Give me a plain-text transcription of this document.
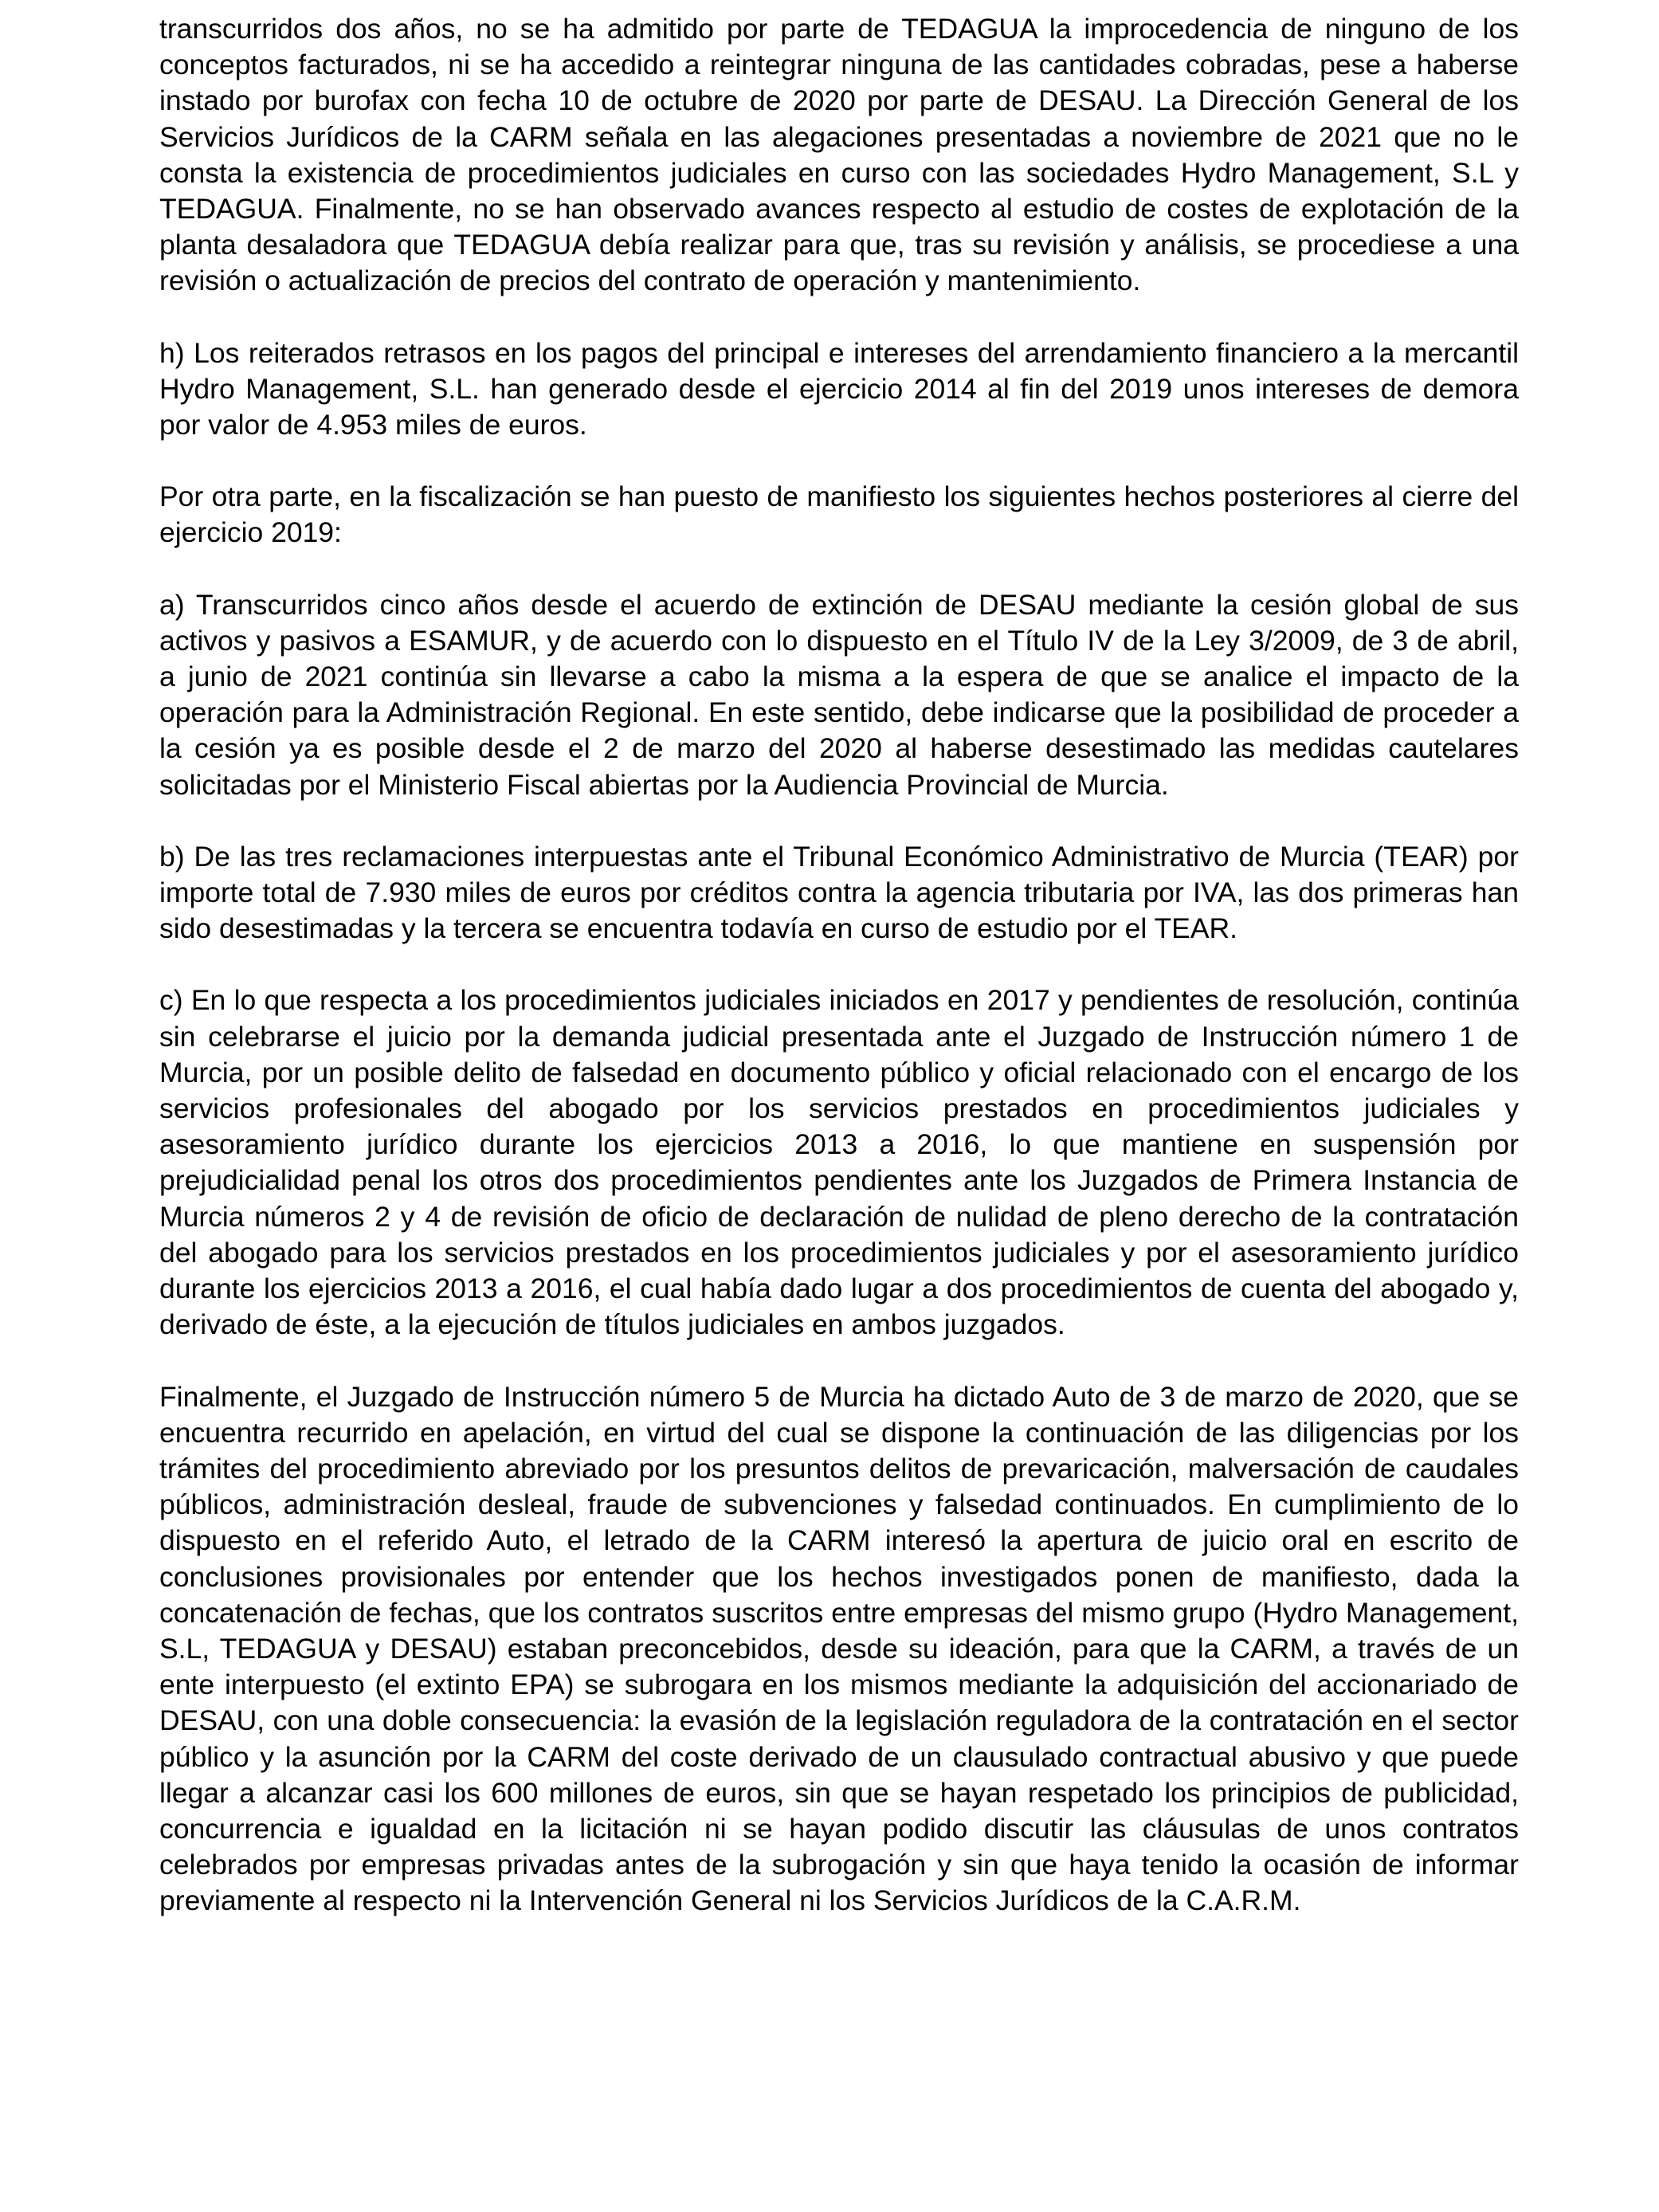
transcurridos dos años, no se ha admitido por parte de TEDAGUA la improcedencia de ninguno de los conceptos facturados, ni se ha accedido a reintegrar ninguna de las cantidades cobradas, pese a haberse instado por burofax con fecha 10 de octubre de 2020 por parte de DESAU. La Dirección General de los Servicios Jurídicos de la CARM señala en las alegaciones presentadas a noviembre de 2021 que no le consta la existencia de procedimientos judiciales en curso con las sociedades Hydro Management, S.L y TEDAGUA. Finalmente, no se han observado avances respecto al estudio de costes de explotación de la planta desaladora que TEDAGUA debía realizar para que, tras su revisión y análisis, se procediese a una revisión o actualización de precios del contrato de operación y mantenimiento.

h) Los reiterados retrasos en los pagos del principal e intereses del arrendamiento financiero a la mercantil Hydro Management, S.L. han generado desde el ejercicio 2014 al fin del 2019 unos intereses de demora por valor de 4.953 miles de euros.

Por otra parte, en la fiscalización se han puesto de manifiesto los siguientes hechos posteriores al cierre del ejercicio 2019:

a) Transcurridos cinco años desde el acuerdo de extinción de DESAU mediante la cesión global de sus activos y pasivos a ESAMUR, y de acuerdo con lo dispuesto en el Título IV de la Ley 3/2009, de 3 de abril, a junio de 2021 continúa sin llevarse a cabo la misma a la espera de que se analice el impacto de la operación para la Administración Regional. En este sentido, debe indicarse que la posibilidad de proceder a la cesión ya es posible desde el 2 de marzo del 2020 al haberse desestimado las medidas cautelares solicitadas por el Ministerio Fiscal abiertas por la Audiencia Provincial de Murcia.

b) De las tres reclamaciones interpuestas ante el Tribunal Económico Administrativo de Murcia (TEAR) por importe total de 7.930 miles de euros por créditos contra la agencia tributaria por IVA, las dos primeras han sido desestimadas y la tercera se encuentra todavía en curso de estudio por el TEAR.

c) En lo que respecta a los procedimientos judiciales iniciados en 2017 y pendientes de resolución, continúa sin celebrarse el juicio por la demanda judicial presentada ante el Juzgado de Instrucción número 1 de Murcia, por un posible delito de falsedad en documento público y oficial relacionado con el encargo de los servicios profesionales del abogado por los servicios prestados en procedimientos judiciales y asesoramiento jurídico durante los ejercicios 2013 a 2016, lo que mantiene en suspensión por prejudicialidad penal los otros dos procedimientos pendientes ante los Juzgados de Primera Instancia de Murcia números 2 y 4 de revisión de oficio de declaración de nulidad de pleno derecho de la contratación del abogado para los servicios prestados en los procedimientos judiciales y por el asesoramiento jurídico durante los ejercicios 2013 a 2016, el cual había dado lugar a dos procedimientos de cuenta del abogado y, derivado de éste, a la ejecución de títulos judiciales en ambos juzgados.

Finalmente, el Juzgado de Instrucción número 5 de Murcia ha dictado Auto de 3 de marzo de 2020, que se encuentra recurrido en apelación, en virtud del cual se dispone la continuación de las diligencias por los trámites del procedimiento abreviado por los presuntos delitos de prevaricación, malversación de caudales públicos, administración desleal, fraude de subvenciones y falsedad continuados. En cumplimiento de lo dispuesto en el referido Auto, el letrado de la CARM interesó la apertura de juicio oral en escrito de conclusiones provisionales por entender que los hechos investigados ponen de manifiesto, dada la concatenación de fechas, que los contratos suscritos entre empresas del mismo grupo (Hydro Management, S.L, TEDAGUA y DESAU) estaban preconcebidos, desde su ideación, para que la CARM, a través de un ente interpuesto (el extinto EPA) se subrogara en los mismos mediante la adquisición del accionariado de DESAU, con una doble consecuencia: la evasión de la legislación reguladora de la contratación en el sector público y la asunción por la CARM del coste derivado de un clausulado contractual abusivo y que puede llegar a alcanzar casi los 600 millones de euros, sin que se hayan respetado los principios de publicidad, concurrencia e igualdad en la licitación ni se hayan podido discutir las cláusulas de unos contratos celebrados por empresas privadas antes de la subrogación y sin que haya tenido la ocasión de informar previamente al respecto ni la Intervención General ni los Servicios Jurídicos de la C.A.R.M.
